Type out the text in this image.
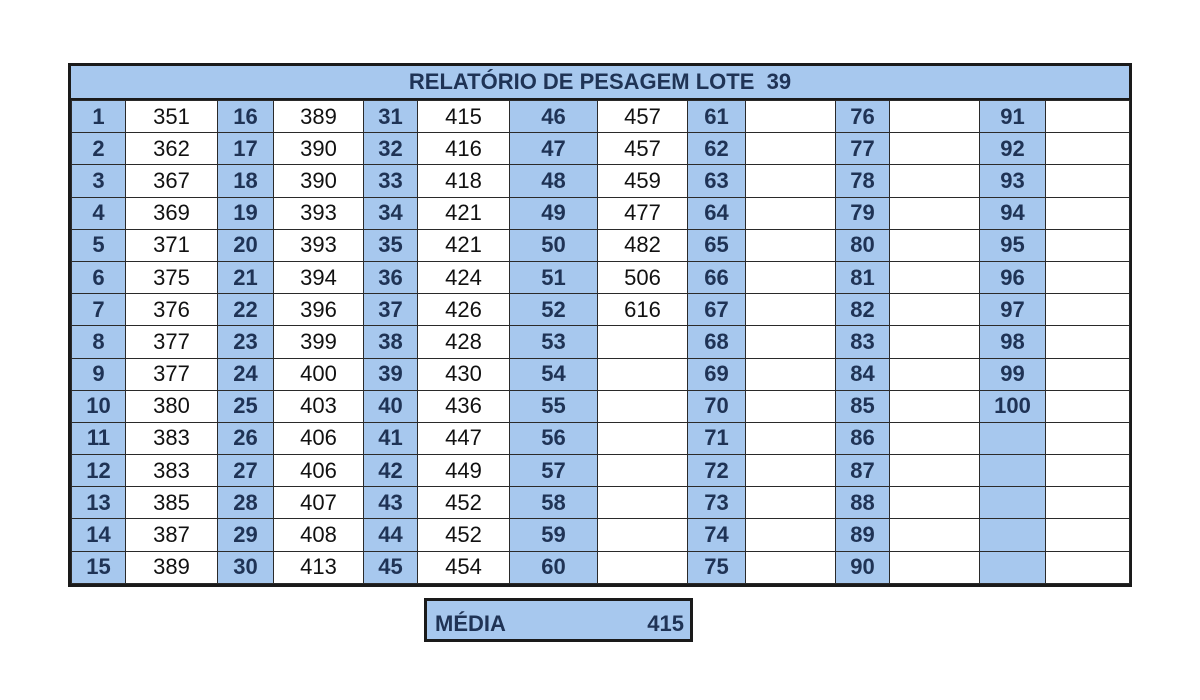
RELATÓRIO DE PESAGEM LOTE  39
1	351	16	389	31	415	46	457	61		76		91	
2	362	17	390	32	416	47	457	62		77		92	
3	367	18	390	33	418	48	459	63		78		93	
4	369	19	393	34	421	49	477	64		79		94	
5	371	20	393	35	421	50	482	65		80		95	
6	375	21	394	36	424	51	506	66		81		96	
7	376	22	396	37	426	52	616	67		82		97	
8	377	23	399	38	428	53		68		83		98	
9	377	24	400	39	430	54		69		84		99	
10	380	25	403	40	436	55		70		85		100	
11	383	26	406	41	447	56		71		86			
12	383	27	406	42	449	57		72		87			
13	385	28	407	43	452	58		73		88			
14	387	29	408	44	452	59		74		89			
15	389	30	413	45	454	60		75		90			
MÉDIA	415
